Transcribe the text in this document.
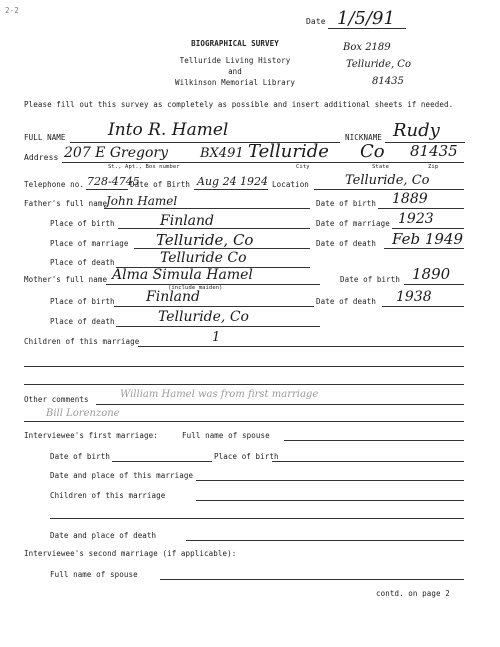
2-2
Date 1/5/91
BIOGRAPHICAL SURVEY
Telluride Living History
and
Wilkinson Memorial Library
Box 2189
Telluride, Co
81435
Please fill out this survey as completely as possible and insert additional sheets if needed.
FULL NAME Into R. Hamel	NICKNAME Rudy
Address 207 E Gregory BX491 Telluride Co 81435
St., Apt., Box number	City	State	Zip
Telephone no. 728-4745
Date of Birth Aug 24 1924 Location	Telluride, Co
Father's full name
John Hamel	Date of birth 1889
Place of birth	Finland	Date of marriage 1923
Place of marriage Telluride, Co	Date of death Feb 1949
Place of death	Telluride Co
Mother's full name Alma Simula Hamel
(include maiden)
Date of birth 1890
Place of birth Finland	Date of death 1938
Place of death	Telluride, Co
Children of this marriage	1
Other comments	William Hamel was from first marriage
Bill Lorenzone
Interviewee's first marriage:	Full name of spouse
Date of birth	Place of birth
Date and place of this marriage
Children of this marriage
Date and place of death
Interviewee's second marriage (if applicable):
Full name of spouse
contd. on page 2
